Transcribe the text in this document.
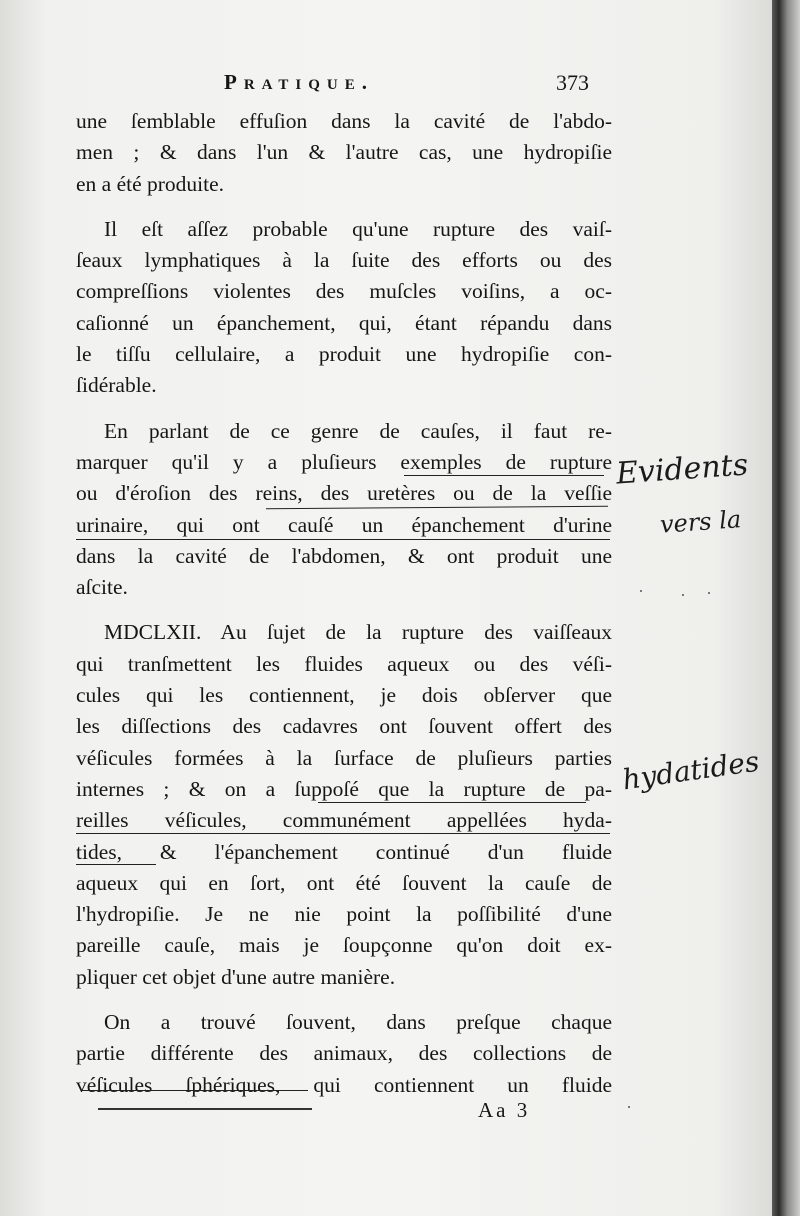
Pratique.	373

une ſemblable effuſion dans la cavité de l'abdo-
men ; & dans l'un & l'autre cas, une hydropiſie
en a été produite.

Il eſt aſſez probable qu'une rupture des vaiſ-
ſeaux lymphatiques à la ſuite des efforts ou des
compreſſions violentes des muſcles voiſins, a oc-
caſionné un épanchement, qui, étant répandu dans
le tiſſu cellulaire, a produit une hydropiſie con-
ſidérable.

En parlant de ce genre de cauſes, il faut re-
marquer qu'il y a pluſieurs exemples de rupture
ou d'éroſion des reins, des uretères ou de la veſſie
urinaire, qui ont cauſé un épanchement d'urine
dans la cavité de l'abdomen, & ont produit une
aſcite.

MDCLXII. Au ſujet de la rupture des vaiſſeaux
qui tranſmettent les fluides aqueux ou des véſi-
cules qui les contiennent, je dois obſerver que
les diſſections des cadavres ont ſouvent offert des
véſicules formées à la ſurface de pluſieurs parties
internes ; & on a ſuppoſé que la rupture de pa-
reilles véſicules, communément appellées hyda-
tides, & l'épanchement continué d'un fluide
aqueux qui en ſort, ont été ſouvent la cauſe de
l'hydropiſie. Je ne nie point la poſſibilité d'une
pareille cauſe, mais je ſoupçonne qu'on doit ex-
pliquer cet objet d'une autre manière.

On a trouvé ſouvent, dans preſque chaque
partie différente des animaux, des collections de
véſicules ſphériques, qui contiennent un fluide

Evidents
vers la
hydatides
Aa 3
